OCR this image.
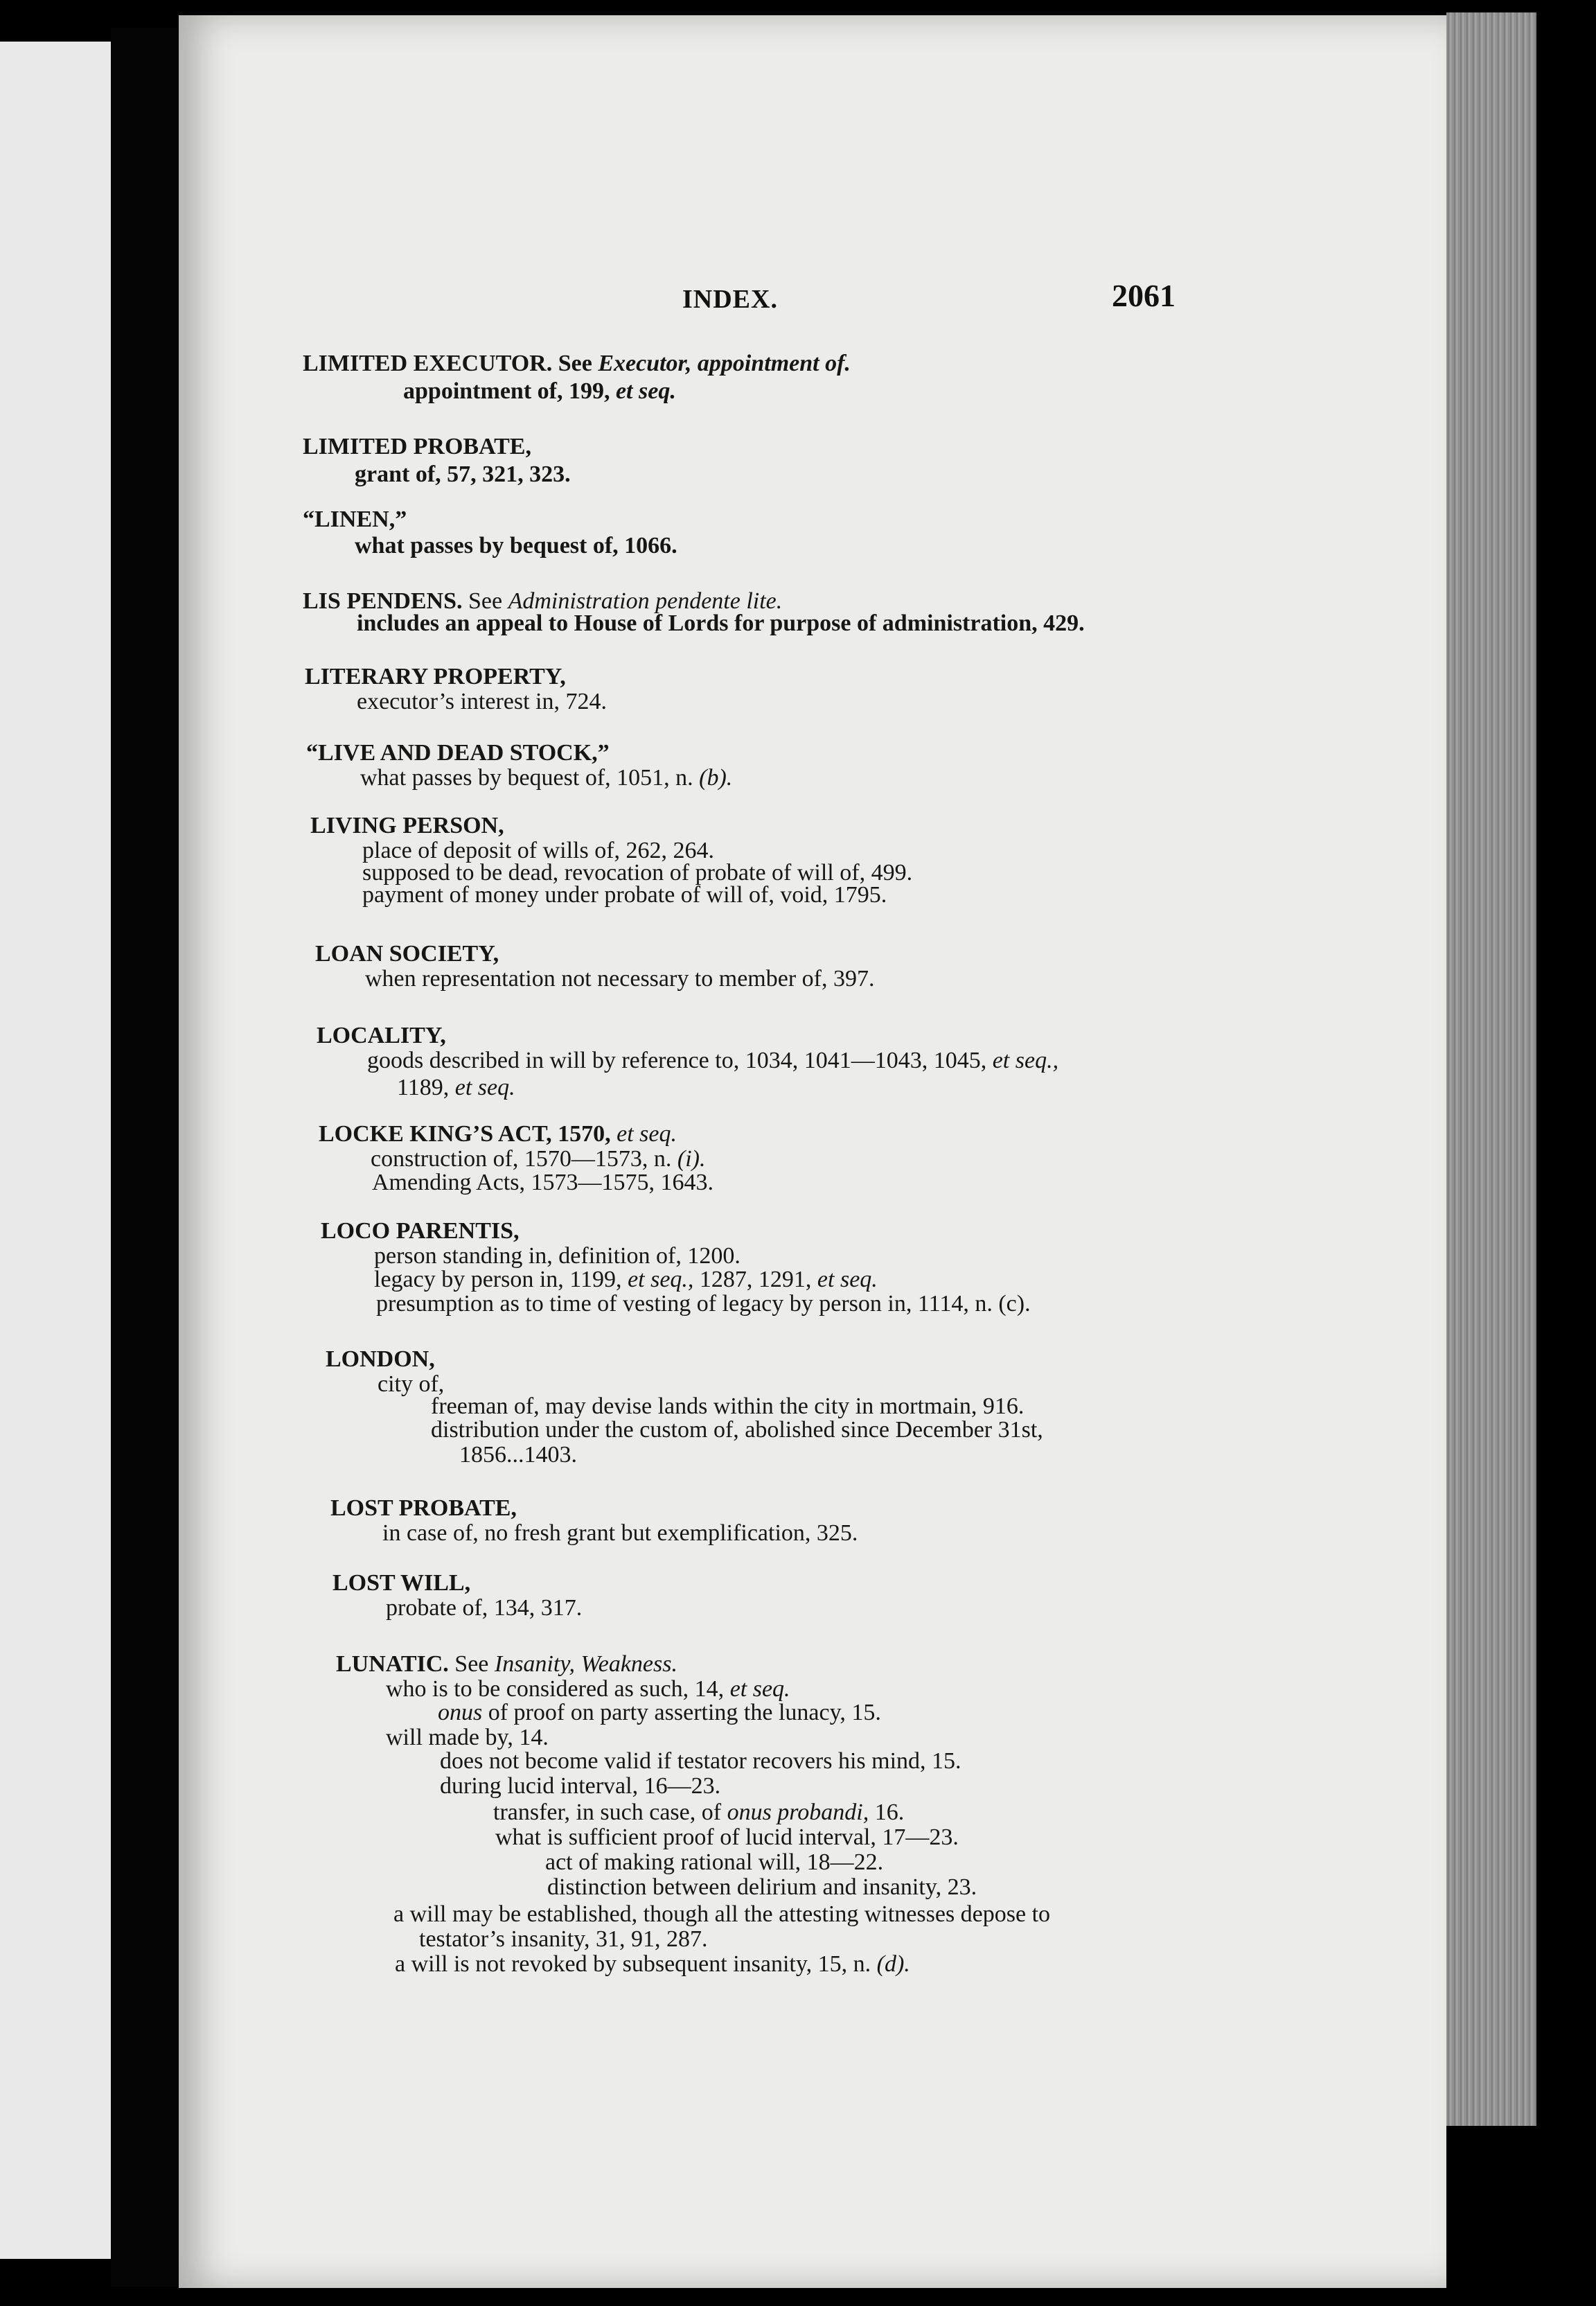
INDEX.	2061
LIMITED EXECUTOR. See Executor, appointment of.
appointment of, 199, et seq.
LIMITED PROBATE,
grant of, 57, 321, 323.
“LINEN,”
what passes by bequest of, 1066.
LIS PENDENS. See Administration pendente lite.
includes an appeal to House of Lords for purpose of administration, 429.
LITERARY PROPERTY,
executor’s interest in, 724.
“LIVE AND DEAD STOCK,”
what passes by bequest of, 1051, n. (b).
LIVING PERSON,
place of deposit of wills of, 262, 264.
supposed to be dead, revocation of probate of will of, 499.
payment of money under probate of will of, void, 1795.
LOAN SOCIETY,
when representation not necessary to member of, 397.
LOCALITY,
goods described in will by reference to, 1034, 1041—1043, 1045, et seq.,
1189, et seq.
LOCKE KING’S ACT, 1570, et seq.
construction of, 1570—1573, n. (i).
Amending Acts, 1573—1575, 1643.
LOCO PARENTIS,
person standing in, definition of, 1200.
legacy by person in, 1199, et seq., 1287, 1291, et seq.
presumption as to time of vesting of legacy by person in, 1114, n. (c).
LONDON,
city of,
freeman of, may devise lands within the city in mortmain, 916.
distribution under the custom of, abolished since December 31st,
1856...1403.
LOST PROBATE,
in case of, no fresh grant but exemplification, 325.
LOST WILL,
probate of, 134, 317.
LUNATIC. See Insanity, Weakness.
who is to be considered as such, 14, et seq.
onus of proof on party asserting the lunacy, 15.
will made by, 14.
does not become valid if testator recovers his mind, 15.
during lucid interval, 16—23.
transfer, in such case, of onus probandi, 16.
what is sufficient proof of lucid interval, 17—23.
act of making rational will, 18—22.
distinction between delirium and insanity, 23.
a will may be established, though all the attesting witnesses depose to
testator’s insanity, 31, 91, 287.
a will is not revoked by subsequent insanity, 15, n. (d).
